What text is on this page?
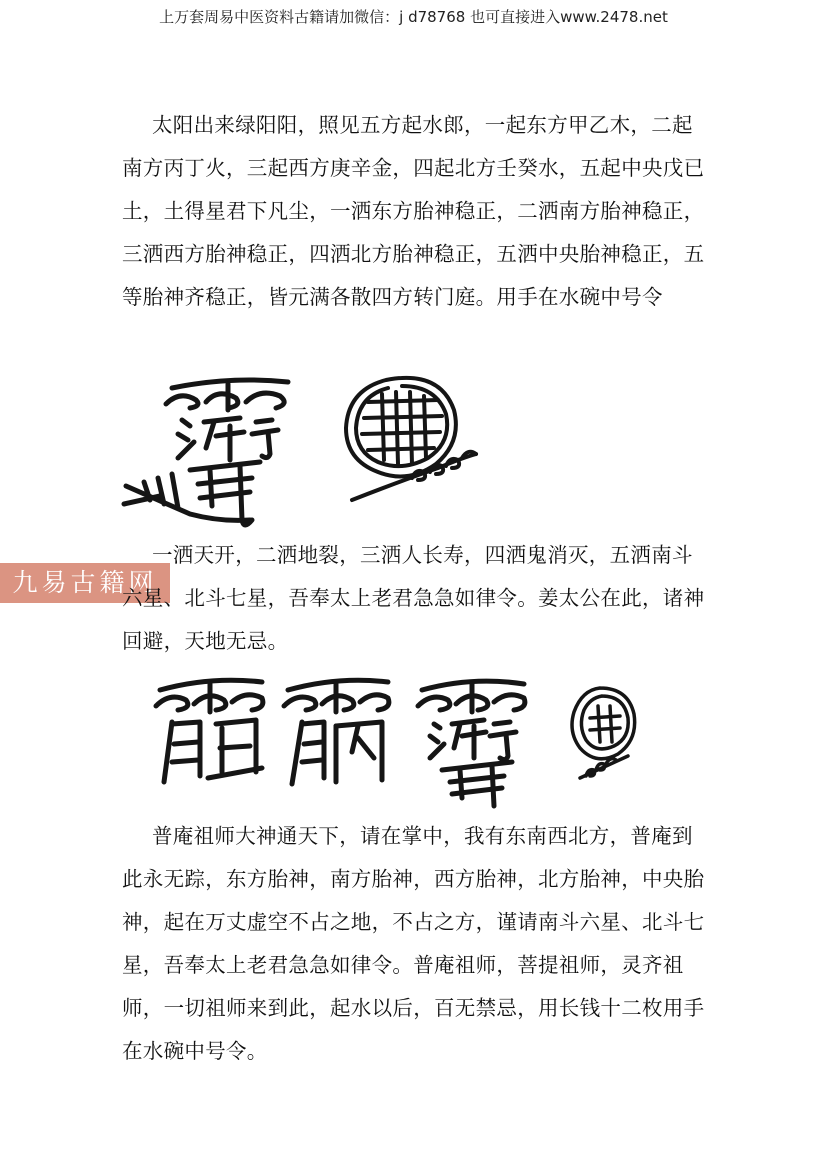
上万套周易中医资料古籍请加微信：j d78768 也可直接进入www.2478.net

太阳出来绿阳阳，照见五方起水郎，一起东方甲乙木，二起南方丙丁火，三起西方庚辛金，四起北方壬癸水，五起中央戊已土，土得星君下凡尘，一洒东方胎神稳正，二洒南方胎神稳正，三洒西方胎神稳正，四洒北方胎神稳正，五洒中央胎神稳正，五等胎神齐稳正，皆元满各散四方转门庭。用手在水碗中号令

九易古籍网

一洒天开，二洒地裂，三洒人长寿，四洒鬼消灭，五洒南斗六星、北斗七星，吾奉太上老君急急如律令。姜太公在此，诸神回避，天地无忌。

普庵祖师大神通天下，请在掌中，我有东南西北方，普庵到此永无踪，东方胎神，南方胎神，西方胎神，北方胎神，中央胎神，起在万丈虚空不占之地，不占之方，谨请南斗六星、北斗七星，吾奉太上老君急急如律令。普庵祖师，菩提祖师，灵齐祖师，一切祖师来到此，起水以后，百无禁忌，用长钱十二枚用手在水碗中号令。
